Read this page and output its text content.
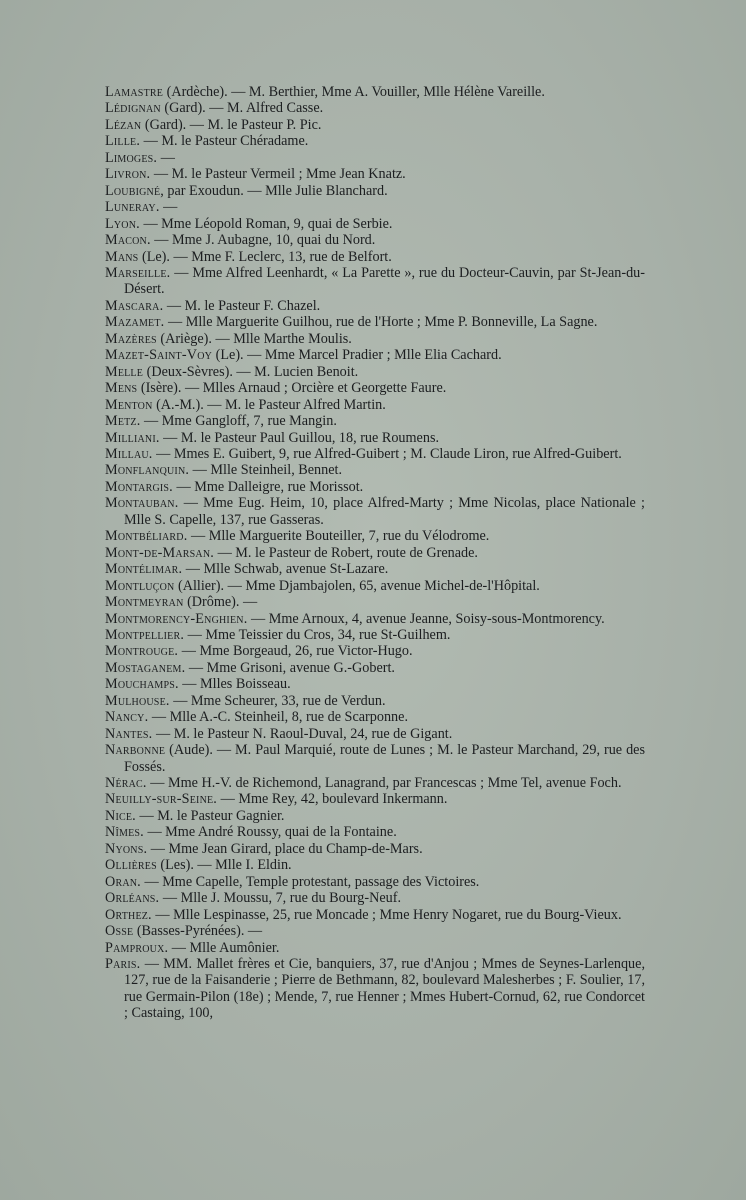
Lamastre (Ardèche). — M. Berthier, Mme A. Vouiller, Mlle Hélène Vareille.
Lédignan (Gard). — M. Alfred Casse.
Lézan (Gard). — M. le Pasteur P. Pic.
Lille. — M. le Pasteur Chéradame.
Limoges. —
Livron. — M. le Pasteur Vermeil ; Mme Jean Knatz.
Loubigné, par Exoudun. — Mlle Julie Blanchard.
Luneray. —
Lyon. — Mme Léopold Roman, 9, quai de Serbie.
Macon. — Mme J. Aubagne, 10, quai du Nord.
Mans (Le). — Mme F. Leclerc, 13, rue de Belfort.
Marseille. — Mme Alfred Leenhardt, « La Parette », rue du Docteur-Cauvin, par St-Jean-du-Désert.
Mascara. — M. le Pasteur F. Chazel.
Mazamet. — Mlle Marguerite Guilhou, rue de l'Horte ; Mme P. Bonneville, La Sagne.
Mazères (Ariège). — Mlle Marthe Moulis.
Mazet-Saint-Voy (Le). — Mme Marcel Pradier ; Mlle Elia Cachard.
Melle (Deux-Sèvres). — M. Lucien Benoit.
Mens (Isère). — Mlles Arnaud ; Orcière et Georgette Faure.
Menton (A.-M.). — M. le Pasteur Alfred Martin.
Metz. — Mme Gangloff, 7, rue Mangin.
Milliani. — M. le Pasteur Paul Guillou, 18, rue Roumens.
Millau. — Mmes E. Guibert, 9, rue Alfred-Guibert ; M. Claude Liron, rue Alfred-Guibert.
Monflanquin. — Mlle Steinheil, Bennet.
Montargis. — Mme Dalleigre, rue Morissot.
Montauban. — Mme Eug. Heim, 10, place Alfred-Marty ; Mme Nicolas, place Nationale ; Mlle S. Capelle, 137, rue Gasseras.
Montbéliard. — Mlle Marguerite Bouteiller, 7, rue du Vélodrome.
Mont-de-Marsan. — M. le Pasteur de Robert, route de Grenade.
Montélimar. — Mlle Schwab, avenue St-Lazare.
Montluçon (Allier). — Mme Djambajolen, 65, avenue Michel-de-l'Hôpital.
Montmeyran (Drôme). —
Montmorency-Enghien. — Mme Arnoux, 4, avenue Jeanne, Soisy-sous-Montmorency.
Montpellier. — Mme Teissier du Cros, 34, rue St-Guilhem.
Montrouge. — Mme Borgeaud, 26, rue Victor-Hugo.
Mostaganem. — Mme Grisoni, avenue G.-Gobert.
Mouchamps. — Mlles Boisseau.
Mulhouse. — Mme Scheurer, 33, rue de Verdun.
Nancy. — Mlle A.-C. Steinheil, 8, rue de Scarponne.
Nantes. — M. le Pasteur N. Raoul-Duval, 24, rue de Gigant.
Narbonne (Aude). — M. Paul Marquié, route de Lunes ; M. le Pasteur Marchand, 29, rue des Fossés.
Nérac. — Mme H.-V. de Richemond, Lanagrand, par Francescas ; Mme Tel, avenue Foch.
Neuilly-sur-Seine. — Mme Rey, 42, boulevard Inkermann.
Nice. — M. le Pasteur Gagnier.
Nîmes. — Mme André Roussy, quai de la Fontaine.
Nyons. — Mme Jean Girard, place du Champ-de-Mars.
Ollières (Les). — Mlle I. Eldin.
Oran. — Mme Capelle, Temple protestant, passage des Victoires.
Orléans. — Mlle J. Moussu, 7, rue du Bourg-Neuf.
Orthez. — Mlle Lespinasse, 25, rue Moncade ; Mme Henry Nogaret, rue du Bourg-Vieux.
Osse (Basses-Pyrénées). —
Pamproux. — Mlle Aumônier.
Paris. — MM. Mallet frères et Cie, banquiers, 37, rue d'Anjou ; Mmes de Seynes-Larlenque, 127, rue de la Faisanderie ; Pierre de Bethmann, 82, boulevard Malesherbes ; F. Soulier, 17, rue Germain-Pilon (18e) ; Mende, 7, rue Henner ; Mmes Hubert-Cornud, 62, rue Condorcet ; Castaing, 100,
